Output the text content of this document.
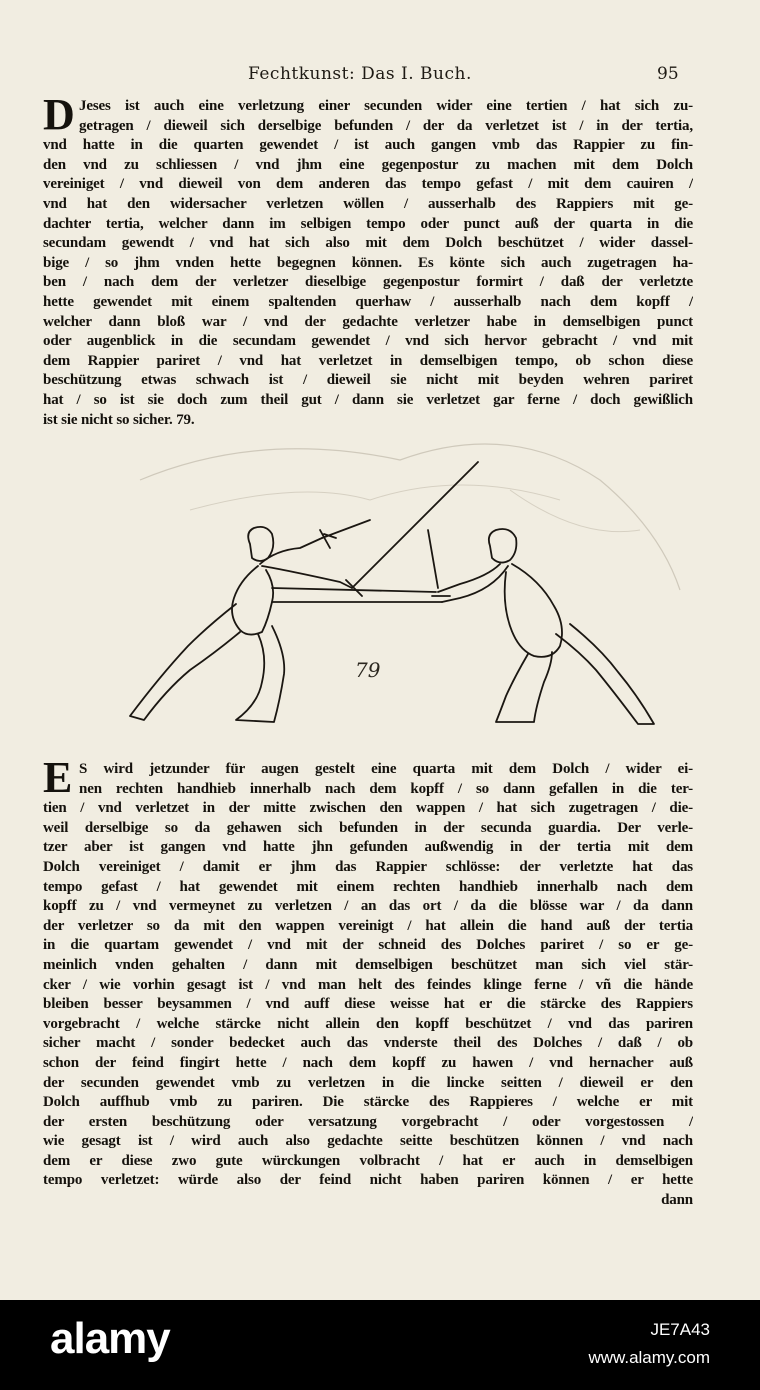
Fechtkunst: Das I. Buch.	95
D Jeses ist auch eine verletzung einer secunden wider eine tertien / hat sich zu-

getragen / dieweil sich derselbige befunden / der da verletzet ist / in der tertia,

vnd hatte in die quarten gewendet / ist auch gangen vmb das Rappier zu fin-

den vnd zu schliessen / vnd jhm eine gegenpostur zu machen mit dem Dolch

vereiniget / vnd dieweil von dem anderen das tempo gefast / mit dem cauiren /

vnd hat den widersacher verletzen wöllen / ausserhalb des Rappiers mit ge-

dachter tertia, welcher dann im selbigen tempo oder punct auß der quarta in die

secundam gewendt / vnd hat sich also mit dem Dolch beschützet / wider dassel-

bige / so jhm vnden hette begegnen können. Es könte sich auch zugetragen ha-

ben / nach dem der verletzer dieselbige gegenpostur formirt / daß der verletzte

hette gewendet mit einem spaltenden querhaw / ausserhalb nach dem kopff /

welcher dann bloß war / vnd der gedachte verletzer habe in demselbigen punct

oder augenblick in die secundam gewendet / vnd sich hervor gebracht / vnd mit

dem Rappier pariret / vnd hat verletzet in demselbigen tempo, ob schon diese

beschützung etwas schwach ist / dieweil sie nicht mit beyden wehren pariret

hat / so ist sie doch zum theil gut / dann sie verletzet gar ferne / doch gewißlich

ist sie nicht so sicher. 79.

79
E S wird jetzunder für augen gestelt eine quarta mit dem Dolch / wider ei-

nen rechten handhieb innerhalb nach dem kopff / so dann gefallen in die ter-

tien / vnd verletzet in der mitte zwischen den wappen / hat sich zugetragen / die-

weil derselbige so da gehawen sich befunden in der secunda guardia. Der verle-

tzer aber ist gangen vnd hatte jhn gefunden außwendig in der tertia mit dem

Dolch vereiniget / damit er jhm das Rappier schlösse: der verletzte hat das

tempo gefast / hat gewendet mit einem rechten handhieb innerhalb nach dem

kopff zu / vnd vermeynet zu verletzen / an das ort / da die blösse war / da dann

der verletzer so da mit den wappen vereinigt / hat allein die hand auß der tertia

in die quartam gewendet / vnd mit der schneid des Dolches pariret / so er ge-

meinlich vnden gehalten / dann mit demselbigen beschützet man sich viel stär-

cker / wie vorhin gesagt ist / vnd man helt des feindes klinge ferne / vñ die hände

bleiben besser beysammen / vnd auff diese weisse hat er die stärcke des Rappiers

vorgebracht / welche stärcke nicht allein den kopff beschützet / vnd das pariren

sicher macht / sonder bedecket auch das vnderste theil des Dolches / daß / ob

schon der feind fingirt hette / nach dem kopff zu hawen / vnd hernacher auß

der secunden gewendet vmb zu verletzen in die lincke seitten / dieweil er den

Dolch auffhub vmb zu pariren. Die stärcke des Rappieres / welche er mit

der ersten beschützung oder versatzung vorgebracht / oder vorgestossen /

wie gesagt ist / wird auch also gedachte seitte beschützen können / vnd nach

dem er diese zwo gute würckungen volbracht / hat er auch in demselbigen

tempo verletzet: würde also der feind nicht haben pariren können / er hette

dann

alamy	JE7A43
www.alamy.com
